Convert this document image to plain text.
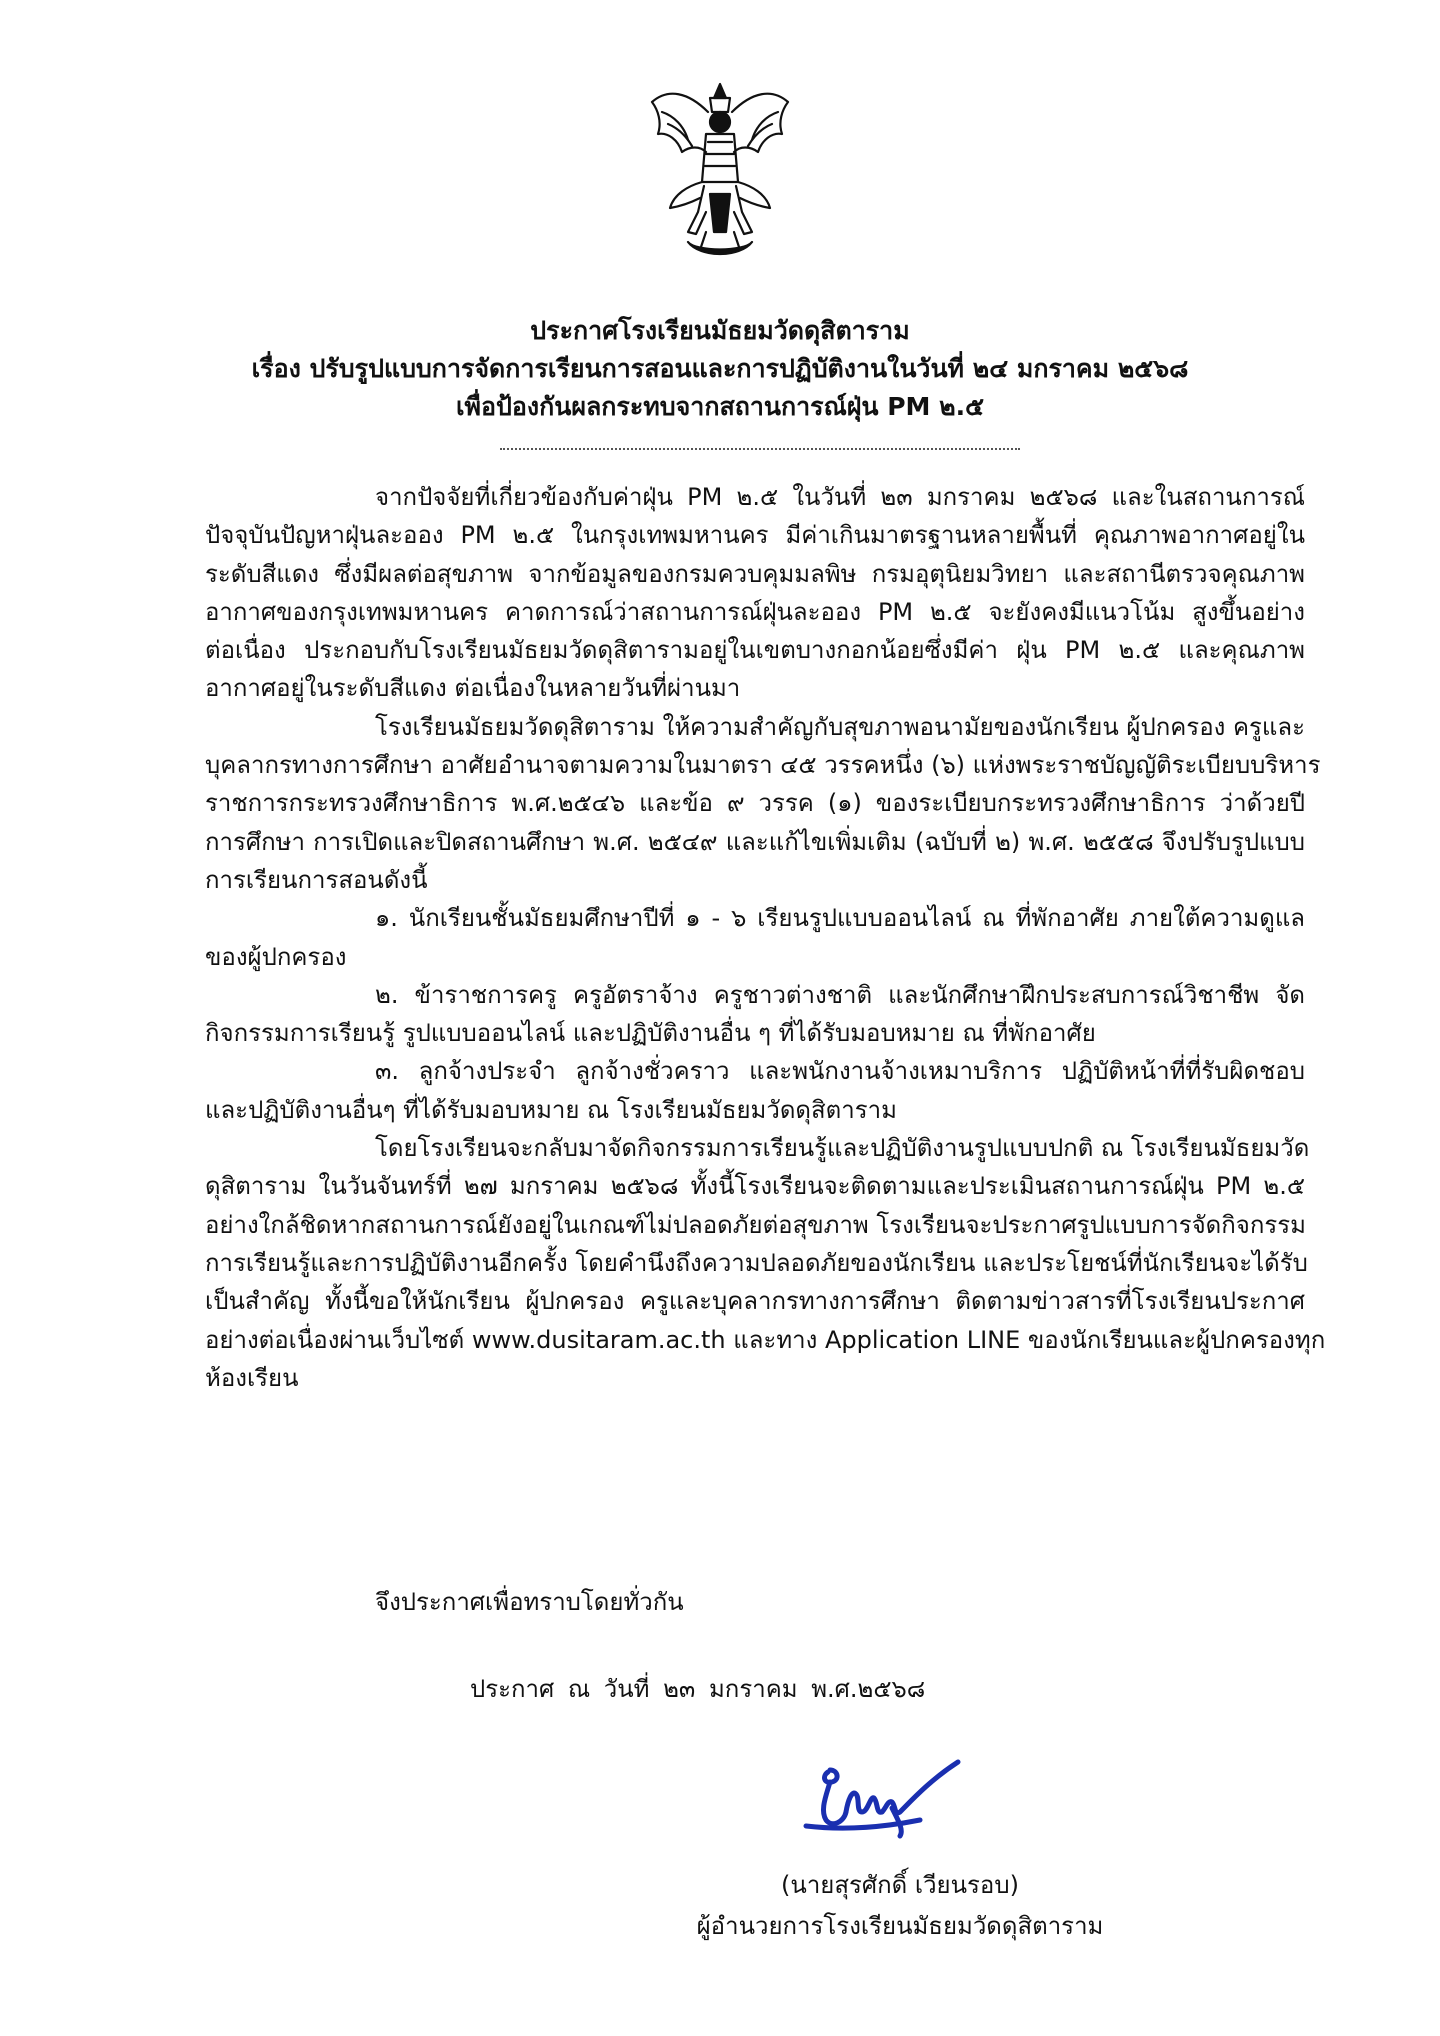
ประกาศโรงเรียนมัธยมวัดดุสิตาราม
เรื่อง ปรับรูปแบบการจัดการเรียนการสอนและการปฏิบัติงานในวันที่ ๒๔ มกราคม ๒๕๖๘
เพื่อป้องกันผลกระทบจากสถานการณ์ฝุ่น PM ๒.๕

จากปัจจัยที่เกี่ยวข้องกับค่าฝุ่น PM ๒.๕ ในวันที่ ๒๓ มกราคม ๒๕๖๘ และในสถานการณ์
ปัจจุบันปัญหาฝุ่นละออง PM ๒.๕ ในกรุงเทพมหานคร มีค่าเกินมาตรฐานหลายพื้นที่ คุณภาพอากาศอยู่ใน
ระดับสีแดง ซึ่งมีผลต่อสุขภาพ จากข้อมูลของกรมควบคุมมลพิษ กรมอุตุนิยมวิทยา และสถานีตรวจคุณภาพ
อากาศของกรุงเทพมหานคร คาดการณ์ว่าสถานการณ์ฝุ่นละออง PM ๒.๕ จะยังคงมีแนวโน้ม สูงขึ้นอย่าง
ต่อเนื่อง ประกอบกับโรงเรียนมัธยมวัดดุสิตารามอยู่ในเขตบางกอกน้อยซึ่งมีค่า ฝุ่น PM ๒.๕ และคุณภาพ
อากาศอยู่ในระดับสีแดง ต่อเนื่องในหลายวันที่ผ่านมา

โรงเรียนมัธยมวัดดุสิตาราม ให้ความสำคัญกับสุขภาพอนามัยของนักเรียน ผู้ปกครอง ครูและ
บุคลากรทางการศึกษา อาศัยอำนาจตามความในมาตรา ๔๕ วรรคหนึ่ง (๖) แห่งพระราชบัญญัติระเบียบบริหาร
ราชการกระทรวงศึกษาธิการ พ.ศ.๒๕๔๖ และข้อ ๙ วรรค (๑) ของระเบียบกระทรวงศึกษาธิการ ว่าด้วยปี
การศึกษา การเปิดและปิดสถานศึกษา พ.ศ. ๒๕๔๙ และแก้ไขเพิ่มเติม (ฉบับที่ ๒) พ.ศ. ๒๕๕๘ จึงปรับรูปแบบ
การเรียนการสอนดังนี้

๑. นักเรียนชั้นมัธยมศึกษาปีที่ ๑ - ๖ เรียนรูปแบบออนไลน์ ณ ที่พักอาศัย ภายใต้ความดูแล
ของผู้ปกครอง

๒. ข้าราชการครู ครูอัตราจ้าง ครูชาวต่างชาติ และนักศึกษาฝึกประสบการณ์วิชาชีพ จัด
กิจกรรมการเรียนรู้ รูปแบบออนไลน์ และปฏิบัติงานอื่น ๆ ที่ได้รับมอบหมาย ณ ที่พักอาศัย

๓. ลูกจ้างประจำ ลูกจ้างชั่วคราว และพนักงานจ้างเหมาบริการ ปฏิบัติหน้าที่ที่รับผิดชอบ
และปฏิบัติงานอื่นๆ ที่ได้รับมอบหมาย ณ โรงเรียนมัธยมวัดดุสิตาราม

โดยโรงเรียนจะกลับมาจัดกิจกรรมการเรียนรู้และปฏิบัติงานรูปแบบปกติ ณ โรงเรียนมัธยมวัด
ดุสิตาราม ในวันจันทร์ที่ ๒๗ มกราคม ๒๕๖๘ ทั้งนี้โรงเรียนจะติดตามและประเมินสถานการณ์ฝุ่น PM ๒.๕
อย่างใกล้ชิดหากสถานการณ์ยังอยู่ในเกณฑ์ไม่ปลอดภัยต่อสุขภาพ โรงเรียนจะประกาศรูปแบบการจัดกิจกรรม
การเรียนรู้และการปฏิบัติงานอีกครั้ง โดยคำนึงถึงความปลอดภัยของนักเรียน และประโยชน์ที่นักเรียนจะได้รับ
เป็นสำคัญ ทั้งนี้ขอให้นักเรียน ผู้ปกครอง ครูและบุคลากรทางการศึกษา ติดตามข่าวสารที่โรงเรียนประกาศ
อย่างต่อเนื่องผ่านเว็บไซต์ www.dusitaram.ac.th และทาง Application LINE ของนักเรียนและผู้ปกครองทุก
ห้องเรียน

จึงประกาศเพื่อทราบโดยทั่วกัน
ประกาศ ณ วันที่ ๒๓ มกราคม พ.ศ.๒๕๖๘
(นายสุรศักดิ์ เวียนรอบ)
ผู้อำนวยการโรงเรียนมัธยมวัดดุสิตาราม
